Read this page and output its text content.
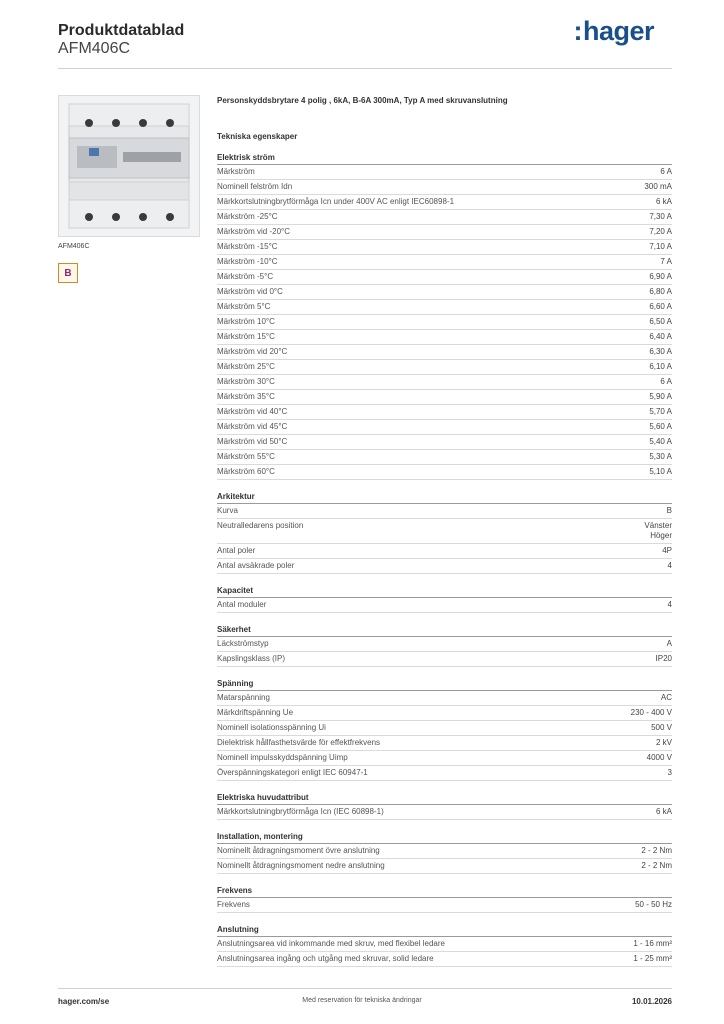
Produktdatablad
AFM406C
:hager
AFM406C
B
Personskyddsbrytare 4 polig , 6kA, B-6A 300mA, Typ A med skruvanslutning
Tekniska egenskaper
Elektrisk ström
Märkström	6 A
Nominell felström Idn	300 mA
Märkkortslutningbrytförmåga Icn under 400V AC enligt IEC60898-1	6 kA
Märkström -25°C	7,30 A
Märkström vid -20°C	7,20 A
Märkström -15°C	7,10 A
Märkström -10°C	7 A
Märkström -5°C	6,90 A
Märkström vid 0°C	6,80 A
Märkström 5°C	6,60 A
Märkström 10°C	6,50 A
Märkström 15°C	6,40 A
Märkström vid 20°C	6,30 A
Märkström 25°C	6,10 A
Märkström 30°C	6 A
Märkström 35°C	5,90 A
Märkström vid 40°C	5,70 A
Märkström vid 45°C	5,60 A
Märkström vid 50°C	5,40 A
Märkström 55°C	5,30 A
Märkström 60°C	5,10 A
Arkitektur
Kurva	B
Neutralledarens position	Vänster
Höger
Antal poler	4P
Antal avsäkrade poler	4
Kapacitet
Antal moduler	4
Säkerhet
Läckströmstyp	A
Kapslingsklass (IP)	IP20
Spänning
Matarspänning	AC
Märkdriftspänning Ue	230 - 400 V
Nominell isolationsspänning Ui	500 V
Dielektrisk hållfasthetsvärde för effektfrekvens	2 kV
Nominell impulsskyddspänning Uimp	4000 V
Överspänningskategori enligt IEC 60947-1	3
Elektriska huvudattribut
Märkkortslutningbrytförmåga Icn (IEC 60898-1)	6 kA
Installation, montering
Nominellt åtdragningsmoment övre anslutning	2 - 2 Nm
Nominellt åtdragningsmoment nedre anslutning	2 - 2 Nm
Frekvens
Frekvens	50 - 50 Hz
Anslutning
Anslutningsarea vid inkommande med skruv, med flexibel ledare	1 - 16 mm²
Anslutningsarea ingång och utgång med skruvar, solid ledare	1 - 25 mm²
hager.com/se	Med reservation för tekniska ändringar	10.01.2026
